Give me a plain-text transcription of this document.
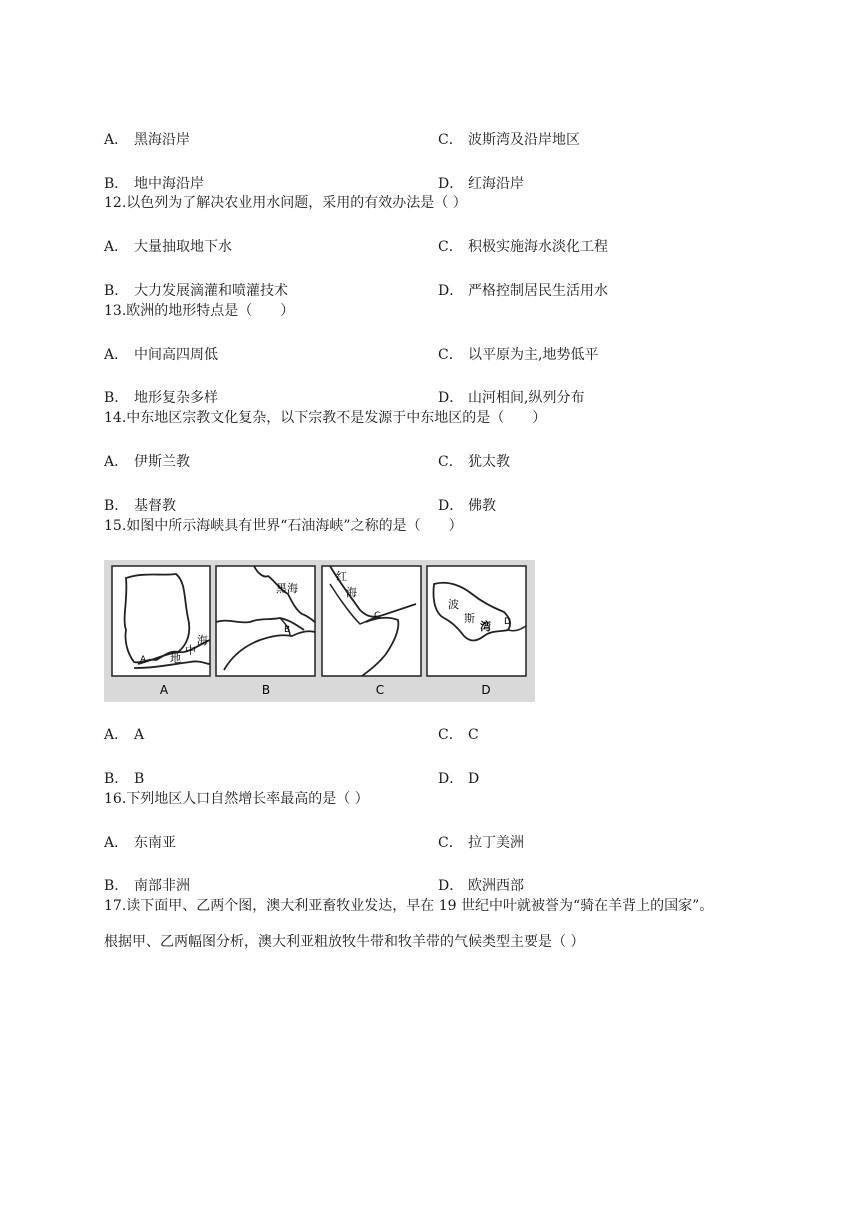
A． 黑海沿岸	C． 波斯湾及沿岸地区
B． 地中海沿岸	D． 红海沿岸
12.以色列为了解决农业用水问题，采用的有效办法是（ ）
A． 大量抽取地下水	C． 积极实施海水淡化工程
B． 大力发展滴灌和喷灌技术	D． 严格控制居民生活用水
13.欧洲的地形特点是（　　）
A． 中间高四周低	C． 以平原为主,地势低平
B． 地形复杂多样	D． 山河相间,纵列分布
14.中东地区宗教文化复杂，以下宗教不是发源于中东地区的是（　　）
A． 伊斯兰教	C． 犹太教
B． 基督教	D． 佛教
15.如图中所示海峡具有世界“石油海峡”之称的是（　　）
海
中
地
A
黑海
B
红
海
C
波
斯
湾 D
A	B	C	D
A． A	C． C
B． B	D． D
16.下列地区人口自然增长率最高的是（ ）
A． 东南亚	C． 拉丁美洲
B． 南部非洲	D． 欧洲西部
17.读下面甲、乙两个图，澳大利亚畜牧业发达，早在 19 世纪中叶就被誉为“骑在羊背上的国家”。
根据甲、乙两幅图分析，澳大利亚粗放牧牛带和牧羊带的气候类型主要是（ ）
